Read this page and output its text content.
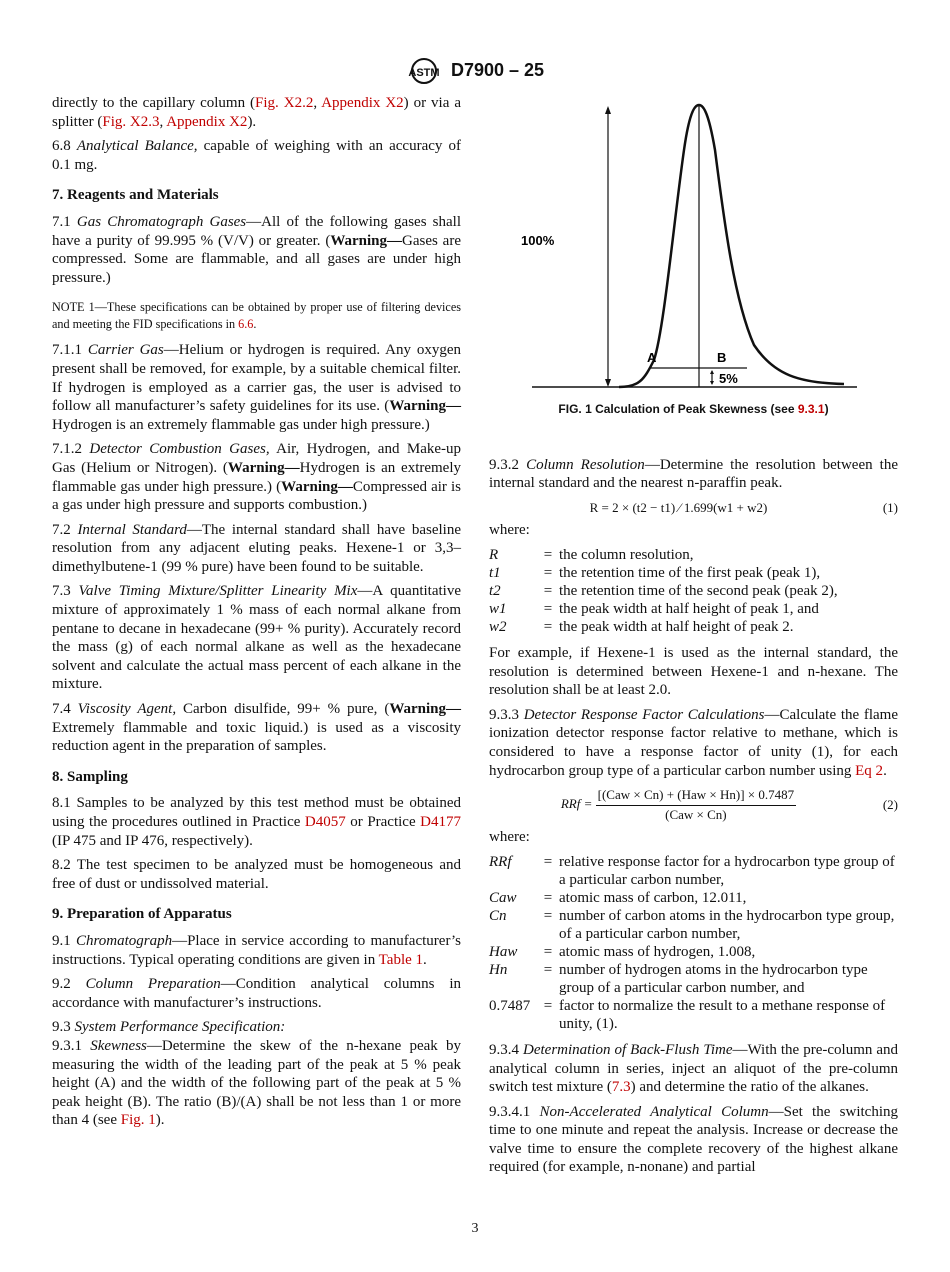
ASTM D7900 – 25

directly to the capillary column (Fig. X2.2, Appendix X2) or via a splitter (Fig. X2.3, Appendix X2).

6.8 Analytical Balance, capable of weighing with an accuracy of 0.1 mg.

7. Reagents and Materials

7.1 Gas Chromatograph Gases—All of the following gases shall have a purity of 99.995 % (V/V) or greater. (Warning—Gases are compressed. Some are flammable, and all gases are under high pressure.)

NOTE 1—These specifications can be obtained by proper use of filtering devices and meeting the FID specifications in 6.6.

7.1.1 Carrier Gas—Helium or hydrogen is required. Any oxygen present shall be removed, for example, by a suitable chemical filter. If hydrogen is employed as a carrier gas, the user is advised to follow all manufacturer’s safety guidelines for its use. (Warning—Hydrogen is an extremely flammable gas under high pressure.)

7.1.2 Detector Combustion Gases, Air, Hydrogen, and Make-up Gas (Helium or Nitrogen). (Warning—Hydrogen is an extremely flammable gas under high pressure.) (Warning—Compressed air is a gas under high pressure and supports combustion.)

7.2 Internal Standard—The internal standard shall have baseline resolution from any adjacent eluting peaks. Hexene-1 or 3,3–dimethylbutene-1 (99 % pure) have been found to be suitable.

7.3 Valve Timing Mixture/Splitter Linearity Mix—A quantitative mixture of approximately 1 % mass of each normal alkane from pentane to decane in hexadecane (99+ % purity). Accurately record the mass (g) of each normal alkane as well as the hexadecane solvent and calculate the actual mass percent of each alkane in the mixture.

7.4 Viscosity Agent, Carbon disulfide, 99+ % pure, (Warning—Extremely flammable and toxic liquid.) is used as a viscosity reduction agent in the preparation of samples.

8. Sampling

8.1 Samples to be analyzed by this test method must be obtained using the procedures outlined in Practice D4057 or Practice D4177 (IP 475 and IP 476, respectively).

8.2 The test specimen to be analyzed must be homogeneous and free of dust or undissolved material.

9. Preparation of Apparatus

9.1 Chromatograph—Place in service according to manufacturer’s instructions. Typical operating conditions are given in Table 1.

9.2 Column Preparation—Condition analytical columns in accordance with manufacturer’s instructions.

9.3 System Performance Specification:

9.3.1 Skewness—Determine the skew of the n-hexane peak by measuring the width of the leading part of the peak at 5 % peak height (A) and the width of the following part of the peak at 5 % peak height (B). The ratio (B)/(A) shall be not less than 1 or more than 4 (see Fig. 1).

100%
A	B
5%
FIG. 1 Calculation of Peak Skewness (see 9.3.1)

9.3.2 Column Resolution—Determine the resolution between the internal standard and the nearest n-paraffin peak.

R = 2 × (t2 − t1) ⁄ 1.699(w1 + w2)	(1)
where:
R	=	the column resolution,
t1	=	the retention time of the first peak (peak 1),
t2	=	the retention time of the second peak (peak 2),
w1	=	the peak width at half height of peak 1, and
w2	=	the peak width at half height of peak 2.

For example, if Hexene-1 is used as the internal standard, the resolution is determined between Hexene-1 and n-hexane. The resolution shall be at least 2.0.

9.3.3 Detector Response Factor Calculations—Calculate the flame ionization detector response factor relative to methane, which is considered to have a response factor of unity (1), for each hydrocarbon group type of a particular carbon number using Eq 2.

RRf = $\frac{\text{[(Caw × Cn) + (Haw × Hn)] × 0.7487}}{\text{(Caw × Cn)}}$	(2)
where:
RRf	=	relative response factor for a hydrocarbon type group of a particular carbon number,
Caw	=	atomic mass of carbon, 12.011,
Cn	=	number of carbon atoms in the hydrocarbon type group, of a particular carbon number,
Haw	=	atomic mass of hydrogen, 1.008,
Hn	=	number of hydrogen atoms in the hydrocarbon type group of a particular carbon number, and
0.7487	=	factor to normalize the result to a methane response of unity, (1).

9.3.4 Determination of Back-Flush Time—With the pre-column and analytical column in series, inject an aliquot of the pre-column switch test mixture (7.3) and determine the ratio of the alkanes.

9.3.4.1 Non-Accelerated Analytical Column—Set the switching time to one minute and repeat the analysis. Increase or decrease the valve time to ensure the complete recovery of the highest alkane required (for example, n-nonane) and partial

3
